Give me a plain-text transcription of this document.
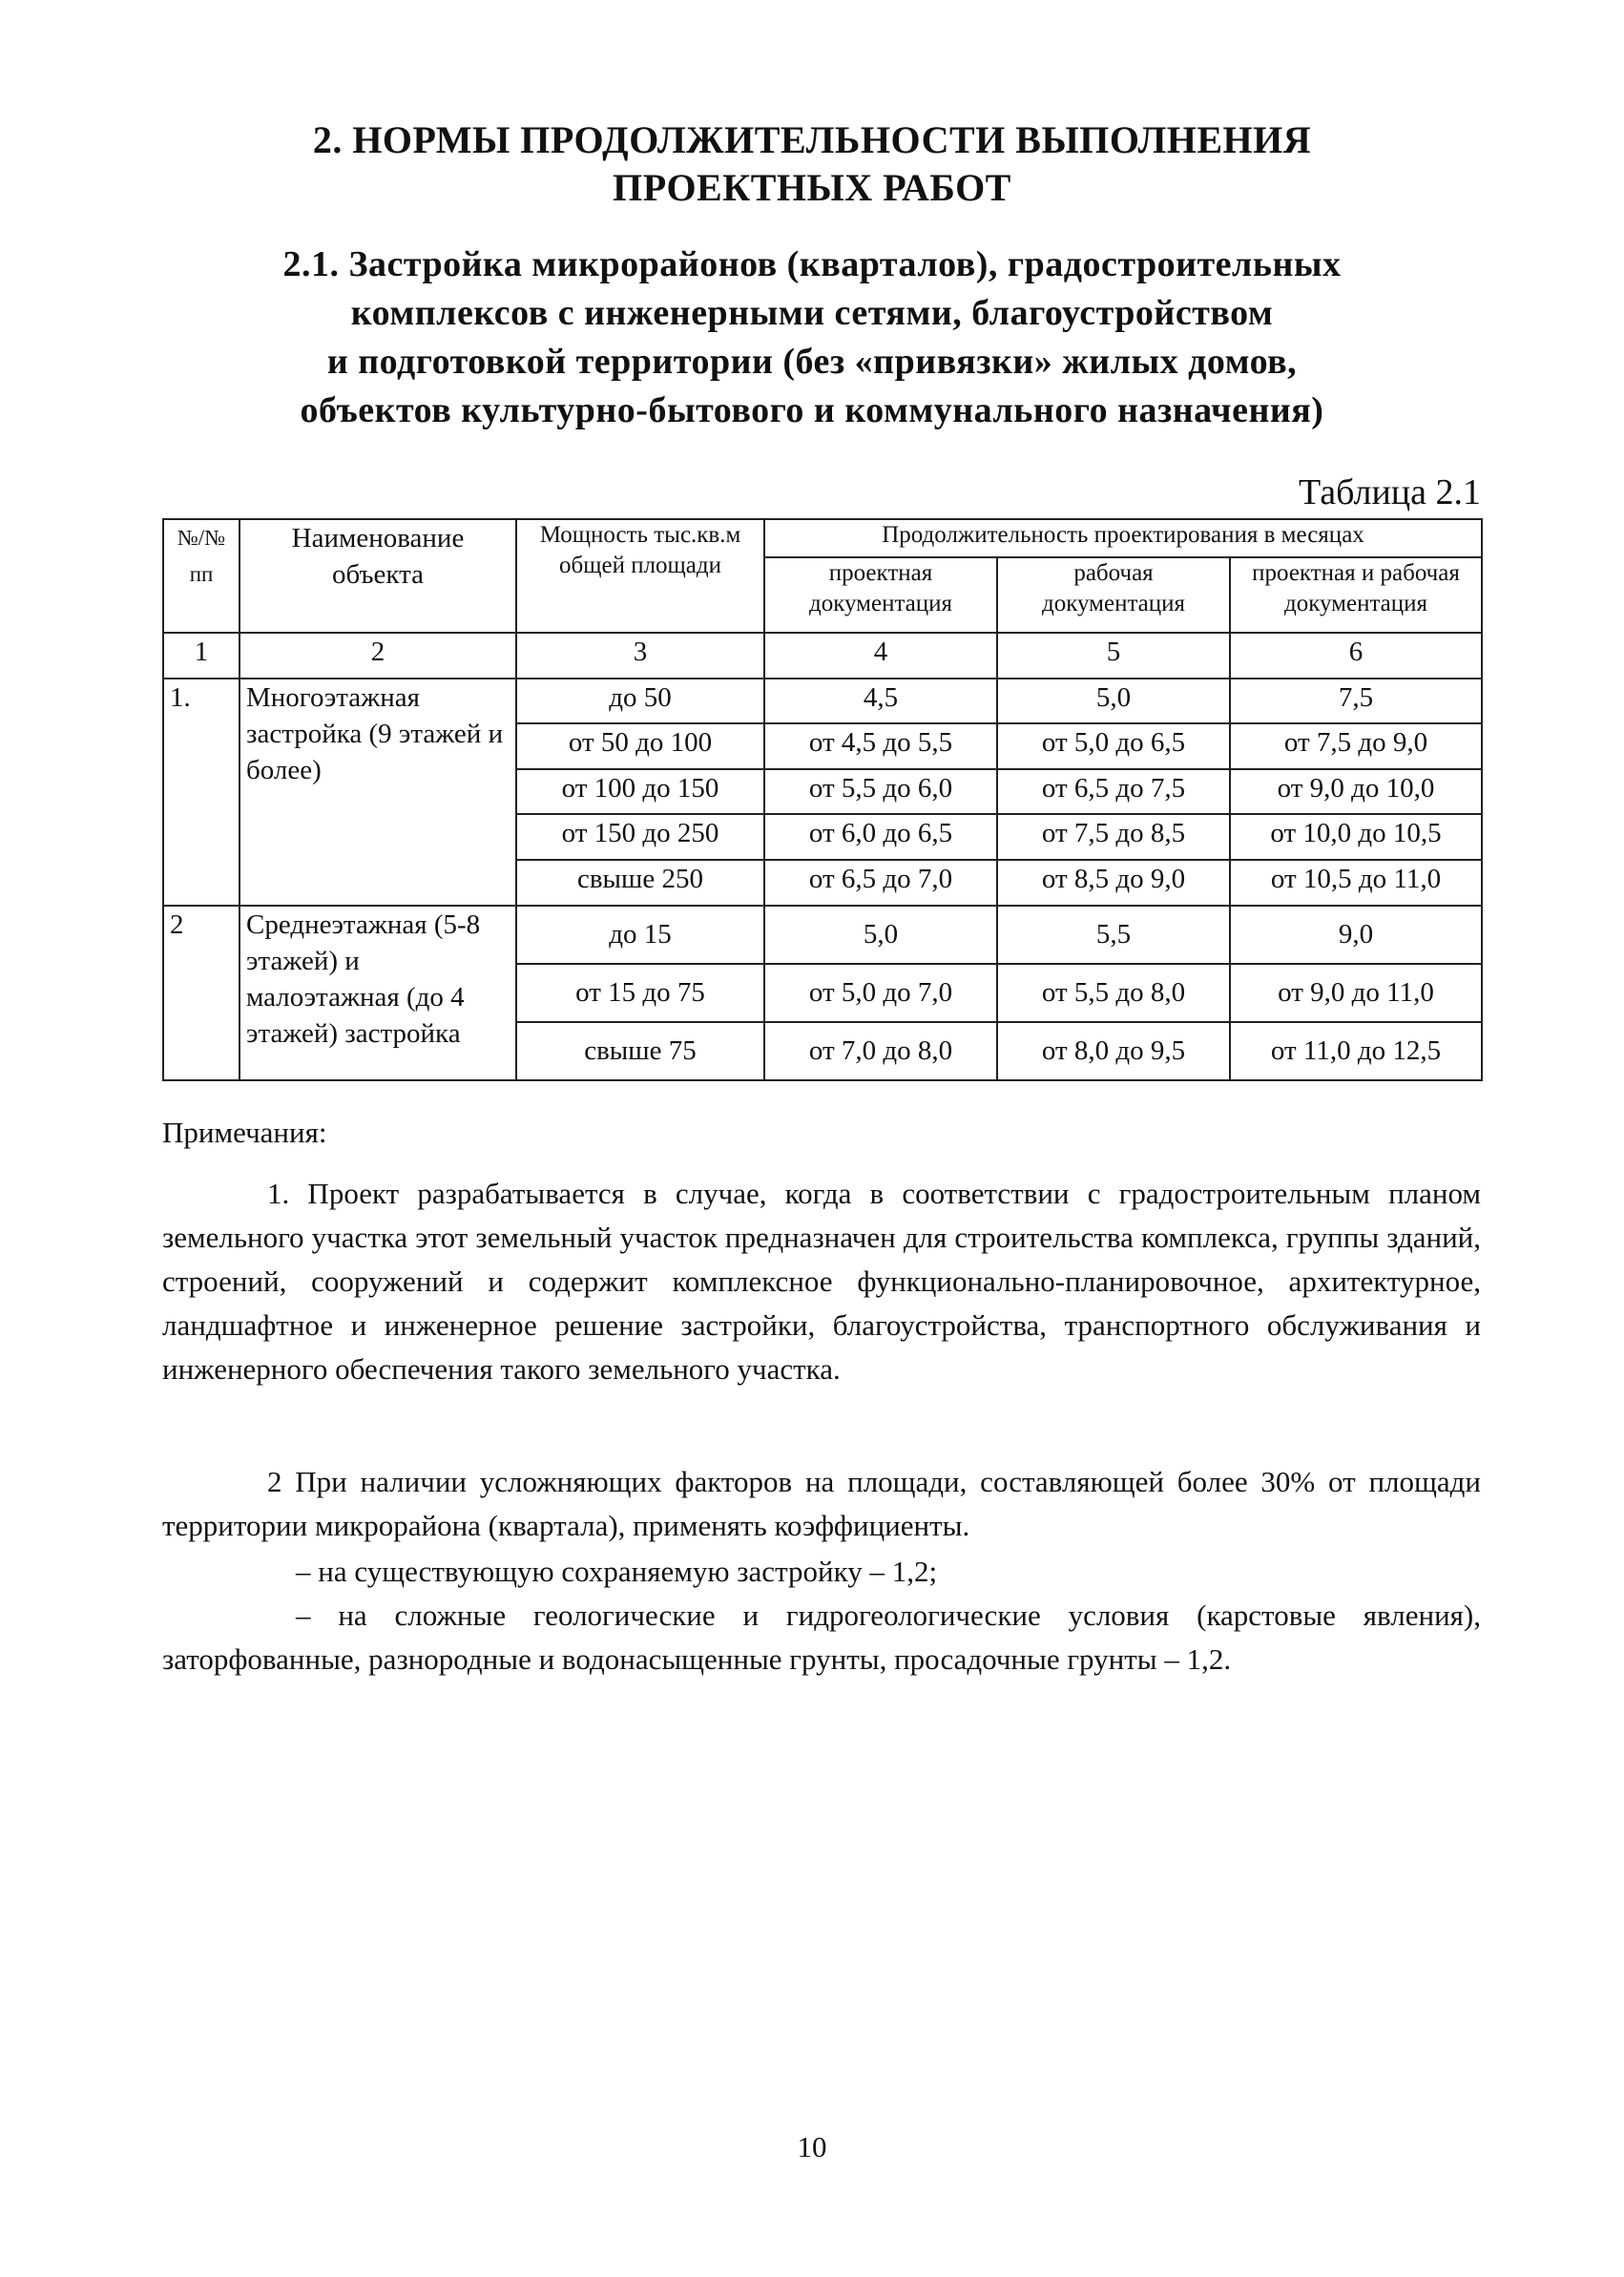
2. НОРМЫ ПРОДОЛЖИТЕЛЬНОСТИ ВЫПОЛНЕНИЯ
ПРОЕКТНЫХ РАБОТ
2.1. Застройка микрорайонов (кварталов), градостроительных
комплексов с инженерными сетями, благоустройством
и подготовкой территории (без «привязки» жилых домов,
объектов культурно-бытового и коммунального назначения)
Таблица 2.1
№/№ пп	Наименование объекта	Мощность тыс.кв.м общей площади	Продолжительность проектирования в месяцах		
			проектная документация	рабочая документация	проектная и рабочая документация
1	2	3	4	5	6
1.	Многоэтажная застройка (9 этажей и более)	до 50	4,5	5,0	7,5
		от 50 до 100	от 4,5 до 5,5	от 5,0 до 6,5	от 7,5 до 9,0
		от 100 до 150	от 5,5 до 6,0	от 6,5 до 7,5	от 9,0 до 10,0
		от 150 до 250	от 6,0 до 6,5	от 7,5 до 8,5	от 10,0 до 10,5
		свыше 250	от 6,5 до 7,0	от 8,5 до 9,0	от 10,5 до 11,0
2	Среднеэтажная (5-8 этажей) и малоэтажная (до 4 этажей) застройка	до 15	5,0	5,5	9,0
		от 15 до 75	от 5,0 до 7,0	от 5,5 до 8,0	от 9,0 до 11,0
		свыше 75	от 7,0 до 8,0	от 8,0 до 9,5	от 11,0 до 12,5
Примечания:
1. Проект разрабатывается в случае, когда в соответствии с градостроительным планом земельного участка этот земельный участок предназначен для строительства комплекса, группы зданий, строений, сооружений и содержит комплексное функционально-планировочное, архитектурное, ландшафтное и инженерное решение застройки, благоустройства, транспортного обслуживания и инженерного обеспечения такого земельного участка.
2 При наличии усложняющих факторов на площади, составляющей более 30% от площади территории микрорайона (квартала), применять коэффициенты.
– на существующую сохраняемую застройку – 1,2;
– на сложные геологические и гидрогеологические условия (карстовые явления), заторфованные, разнородные и водонасыщенные грунты, просадочные грунты – 1,2.
10
